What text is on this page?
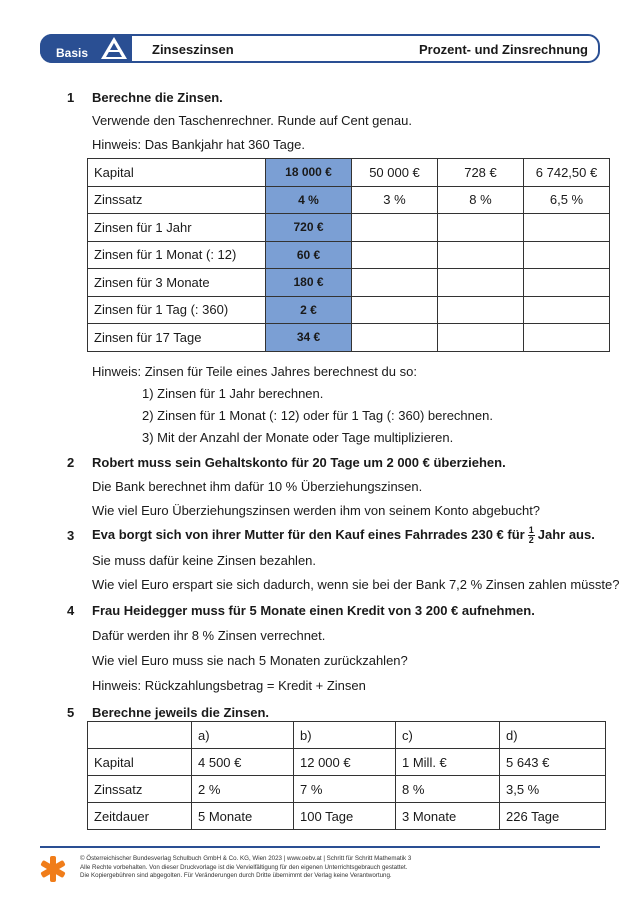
Basis	Zinseszinsen	Prozent- und Zinsrechnung
1 Berechne die Zinsen.
Verwende den Taschenrechner. Runde auf Cent genau.
Hinweis: Das Bankjahr hat 360 Tage.
Kapital	18 000 €	50 000 €	728 €	6 742,50 €
Zinssatz	4 %	3 %	8 %	6,5 %
Zinsen für 1 Jahr	720 €			
Zinsen für 1 Monat (: 12)	60 €			
Zinsen für 3 Monate	180 €			
Zinsen für 1 Tag (: 360)	2 €			
Zinsen für 17 Tage	34 €			
Hinweis: Zinsen für Teile eines Jahres berechnest du so:
1) Zinsen für 1 Jahr berechnen.
2) Zinsen für 1 Monat (: 12) oder für 1 Tag (: 360) berechnen.
3) Mit der Anzahl der Monate oder Tage multiplizieren.
2 Robert muss sein Gehaltskonto für 20 Tage um 2 000 € überziehen.
Die Bank berechnet ihm dafür 10 % Überziehungszinsen.
Wie viel Euro Überziehungszinsen werden ihm von seinem Konto abgebucht?
3 Eva borgt sich von ihrer Mutter für den Kauf eines Fahrrades 230 € für $\frac{1}{2}$ Jahr aus.
Sie muss dafür keine Zinsen bezahlen.
Wie viel Euro erspart sie sich dadurch, wenn sie bei der Bank 7,2 % Zinsen zahlen müsste?
4 Frau Heidegger muss für 5 Monate einen Kredit von 3 200 € aufnehmen.
Dafür werden ihr 8 % Zinsen verrechnet.
Wie viel Euro muss sie nach 5 Monaten zurückzahlen?
Hinweis: Rückzahlungsbetrag = Kredit + Zinsen
5 Berechne jeweils die Zinsen.
	a)	b)	c)	d)
Kapital	4 500 €	12 000 €	1 Mill. €	5 643 €
Zinssatz	2 %	7 %	8 %	3,5 %
Zeitdauer	5 Monate	100 Tage	3 Monate	226 Tage
© Österreichischer Bundesverlag Schulbuch GmbH & Co. KG, Wien 2023 | www.oebv.at | Schritt für Schritt Mathematik 3
Alle Rechte vorbehalten. Von dieser Druckvorlage ist die Vervielfältigung für den eigenen Unterrichtsgebrauch gestattet.
Die Kopiergebühren sind abgegolten. Für Veränderungen durch Dritte übernimmt der Verlag keine Verantwortung.
